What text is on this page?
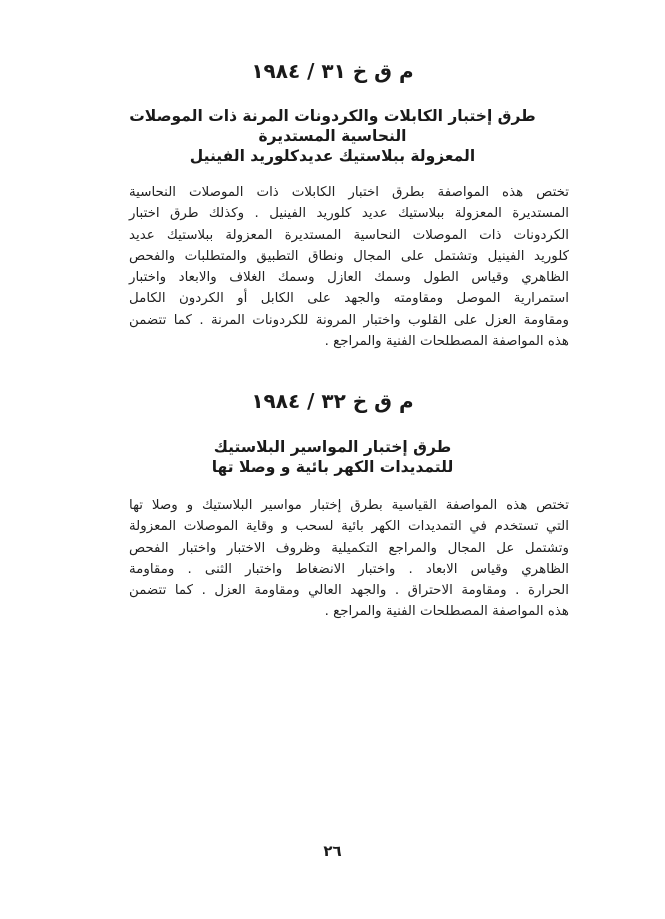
م ق خ ٣١ / ١٩٨٤
طرق إختبار الكابلات والكردونات المرنة ذات الموصلات
النحاسية المستديرة
المعزولة ببلاستيك عديدكلوريد الفينيل
تختص هذه المواصفة بطرق اختبار الكابلات ذات الموصلات النحاسية
المستديرة المعزولة ببلاستيك عديد كلوريد الفينيل . وكذلك طرق اختبار
الكردونات ذات الموصلات النحاسية المستديرة المعزولة ببلاستيك عديد
كلوريد الفينيل وتشتمل على المجال ونطاق التطبيق والمتطلبات والفحص
الظاهري وقياس الطول وسمك العازل وسمك الغلاف والابعاد واختبار
استمرارية الموصل ومقاومته والجهد على الكابل أو الكردون الكامل
ومقاومة العزل على القلوب واختبار المرونة للكردونات المرنة . كما تتضمن
هذه المواصفة المصطلحات الفنية والمراجع .
م ق خ ٣٢ / ١٩٨٤
طرق إختبار المواسير البلاستيك
للتمديدات الكهر بائية و وصلا تها
تختص هذه المواصفة القياسية بطرق إختبار مواسير البلاستيك و وصلا تها
التي تستخدم في التمديدات الكهر بائية لسحب و وقاية الموصلات المعزولة
وتشتمل عل المجال والمراجع التكميلية وظروف الاختبار واختبار الفحص
الظاهري وقياس الابعاد . واختبار الانضغاط واختبار الثنى . ومقاومة
الحرارة . ومقاومة الاحتراق . والجهد العالي ومقاومة العزل . كما تتضمن
هذه المواصفة المصطلحات الفنية والمراجع .
٢٦
